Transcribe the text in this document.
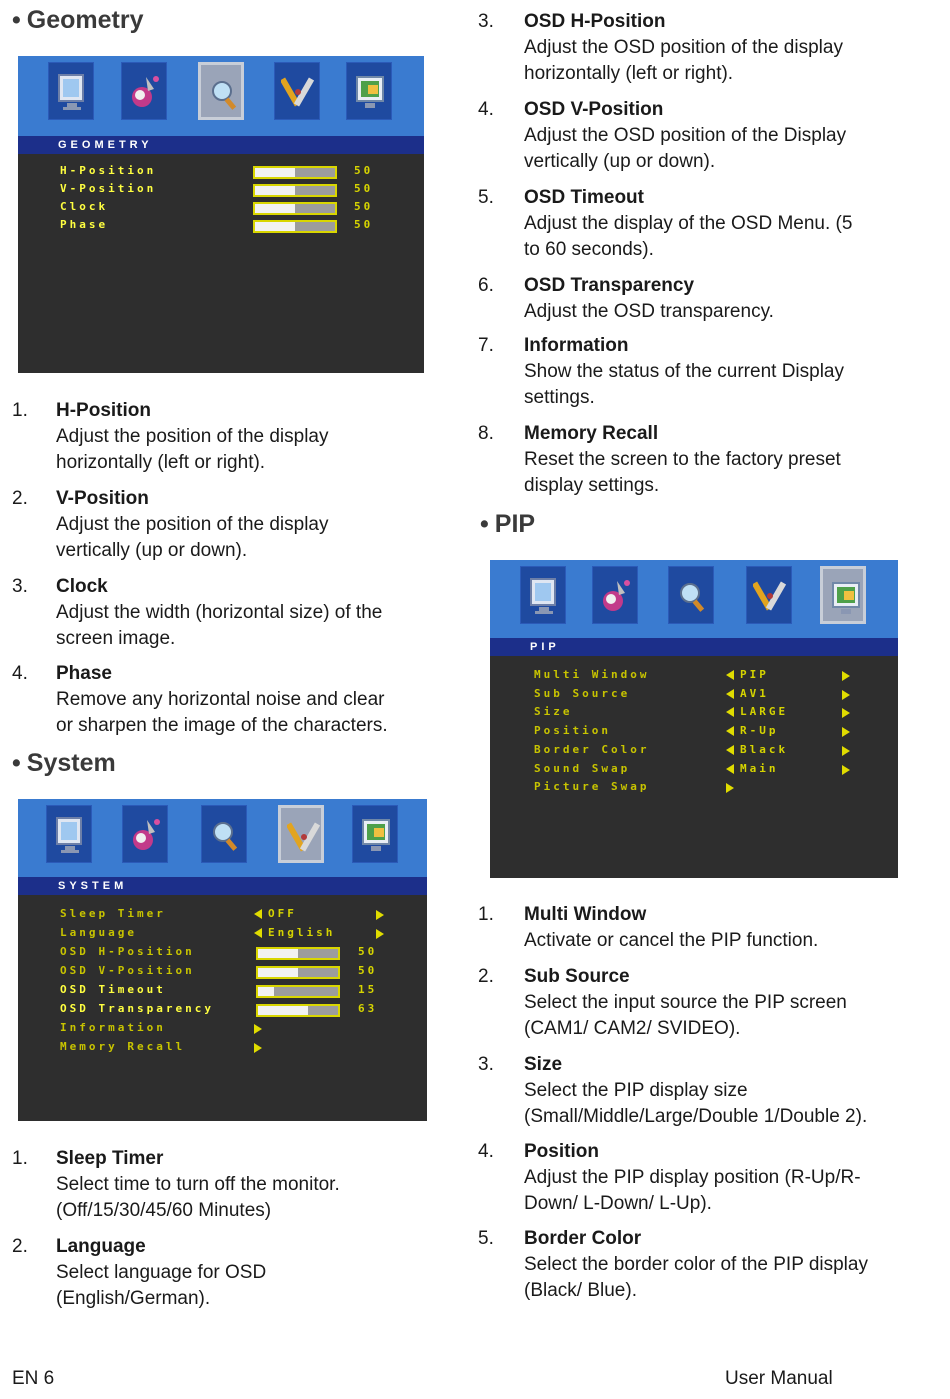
• Geometry
GEOMETRY
H-Position	50
V-Position	50
Clock	50
Phase	50
1. H-Position
Adjust the position of the display
horizontally (left or right).
2. V-Position
Adjust the position of the display
vertically (up or down).
3. Clock
Adjust the width (horizontal size) of the
screen image.
4. Phase
Remove any horizontal noise and clear
or sharpen the image of the characters.
• System
SYSTEM
Sleep Timer	OFF
Language	English
OSD H-Position	50
OSD V-Position	50
OSD Timeout	15
OSD Transparency	63
Information
Memory Recall
1. Sleep Timer
Select time to turn off the monitor.
(Off/15/30/45/60 Minutes)
2. Language
Select language for OSD
(English/German).
EN 6
3. OSD H-Position
Adjust the OSD position of the display
horizontally (left or right).
4. OSD V-Position
Adjust the OSD position of the Display
vertically (up or down).
5. OSD Timeout
Adjust the display of the OSD Menu. (5
to 60 seconds).
6. OSD Transparency
Adjust the OSD transparency.
7. Information
Show the status of the current Display
settings.
8. Memory Recall
Reset the screen to the factory preset
display settings.
• PIP
PIP
Multi Window	PIP
Sub Source	AV1
Size	LARGE
Position	R-Up
Border Color	Black
Sound Swap	Main
Picture Swap
1. Multi Window
Activate or cancel the PIP function.
2. Sub Source
Select the input source the PIP screen
(CAM1/ CAM2/ SVIDEO).
3. Size
Select the PIP display size
(Small/Middle/Large/Double 1/Double 2).
4. Position
Adjust the PIP display position (R-Up/R-
Down/ L-Down/ L-Up).
5. Border Color
Select the border color of the PIP display
(Black/ Blue).
User Manual
